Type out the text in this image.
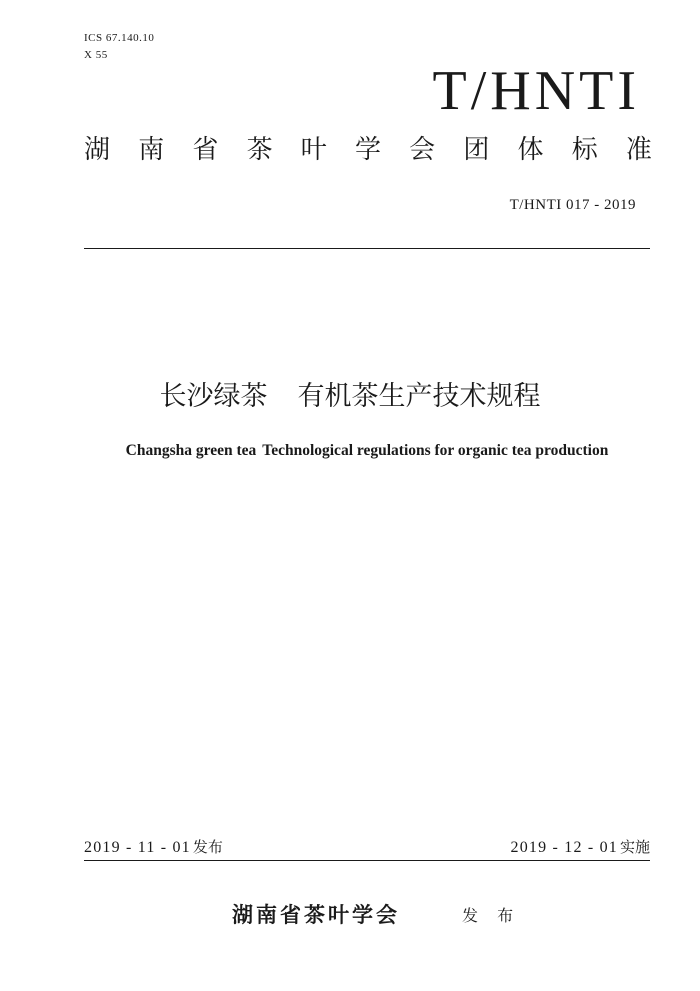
ICS 67.140.10
X 55
T/HNTI
湖 南 省 茶 叶 学 会 团 体 标 准
T/HNTI 017 - 2019
长沙绿茶 有机茶生产技术规程
Changsha green tea Technological regulations for organic tea production
2019 - 11 - 01 发布	2019 - 12 - 01 实施
湖南省茶叶学会	发 布
